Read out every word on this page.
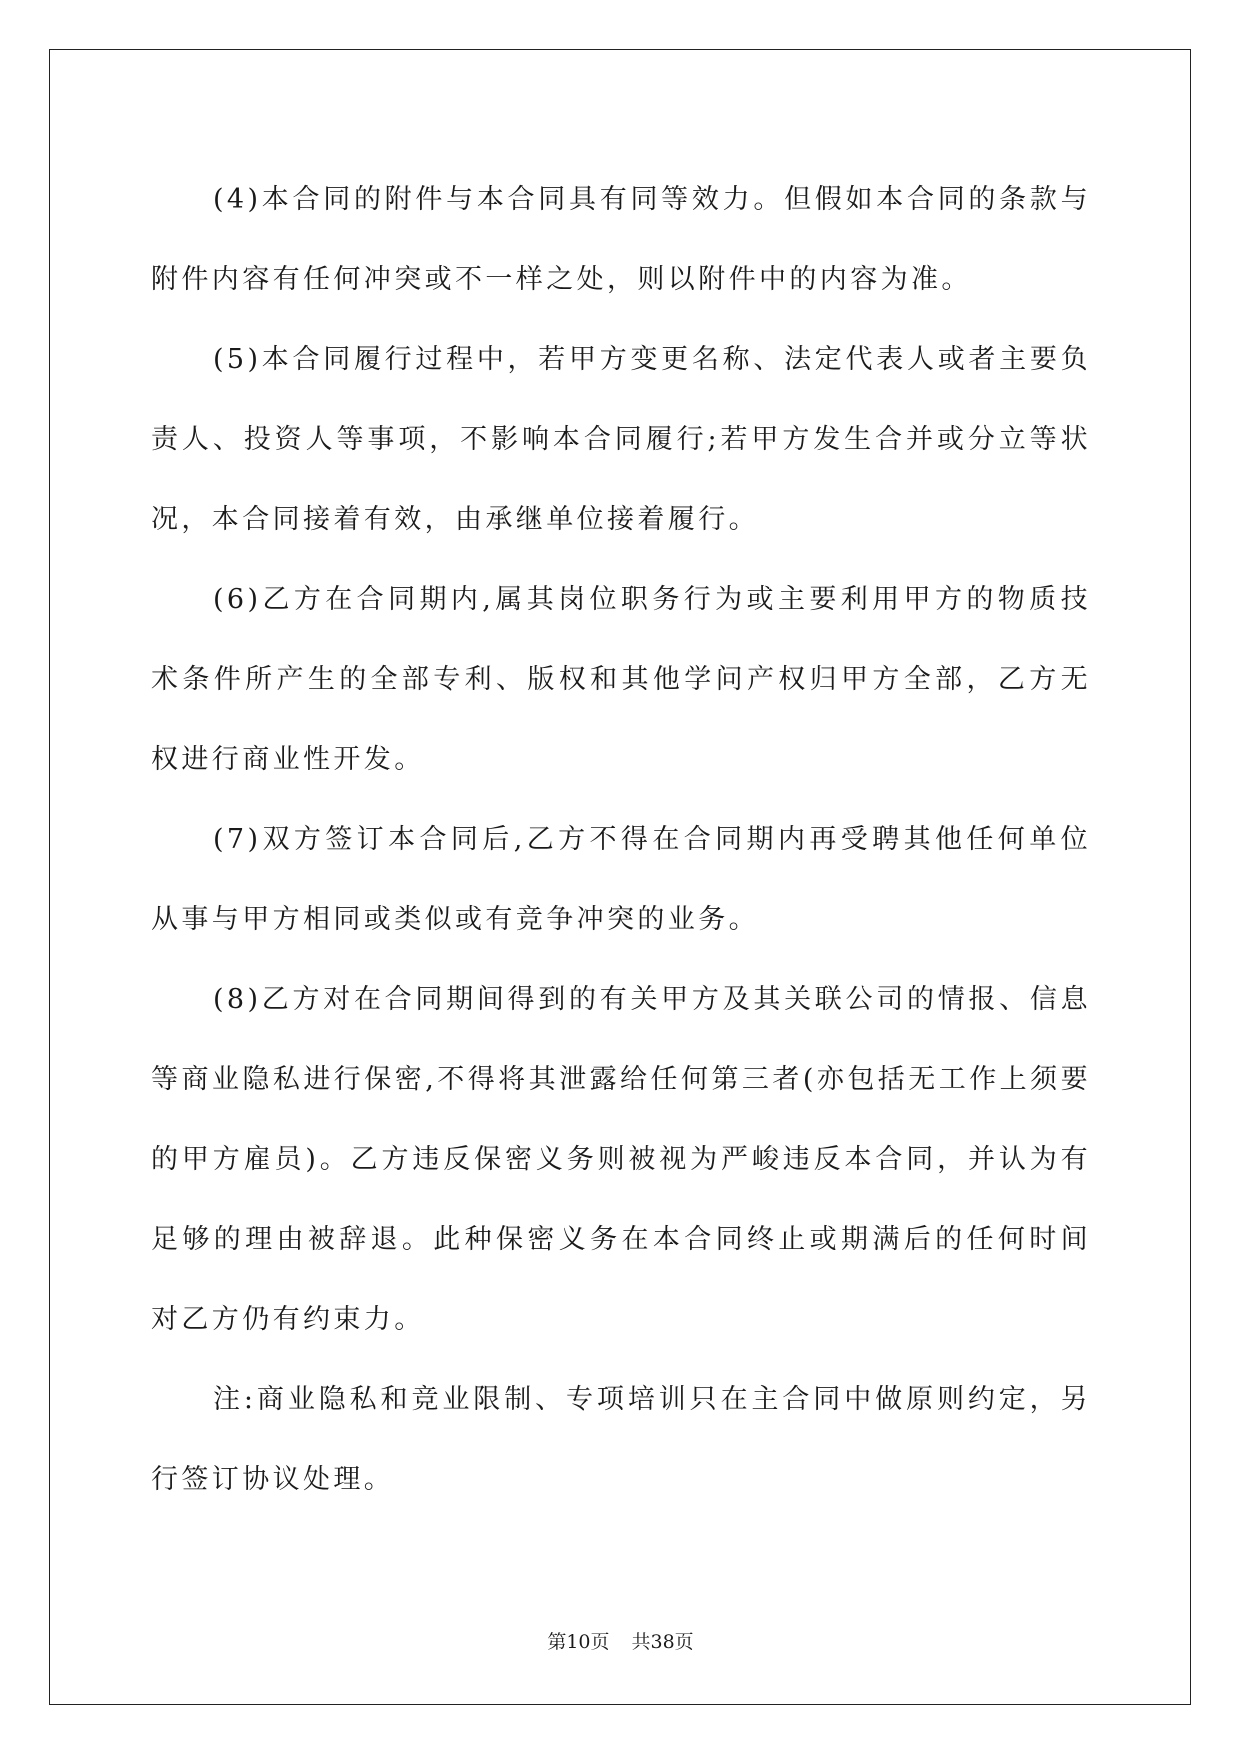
(4)本合同的附件与本合同具有同等效力。但假如本合同的条款与附件内容有任何冲突或不一样之处，则以附件中的内容为准。

(5)本合同履行过程中，若甲方变更名称、法定代表人或者主要负责人、投资人等事项，不影响本合同履行;若甲方发生合并或分立等状况，本合同接着有效，由承继单位接着履行。

(6)乙方在合同期内,属其岗位职务行为或主要利用甲方的物质技术条件所产生的全部专利、版权和其他学问产权归甲方全部，乙方无权进行商业性开发。

(7)双方签订本合同后,乙方不得在合同期内再受聘其他任何单位从事与甲方相同或类似或有竞争冲突的业务。

(8)乙方对在合同期间得到的有关甲方及其关联公司的情报、信息等商业隐私进行保密,不得将其泄露给任何第三者(亦包括无工作上须要的甲方雇员)。乙方违反保密义务则被视为严峻违反本合同，并认为有足够的理由被辞退。此种保密义务在本合同终止或期满后的任何时间对乙方仍有约束力。

注:商业隐私和竞业限制、专项培训只在主合同中做原则约定，另行签订协议处理。

第10页 共38页
